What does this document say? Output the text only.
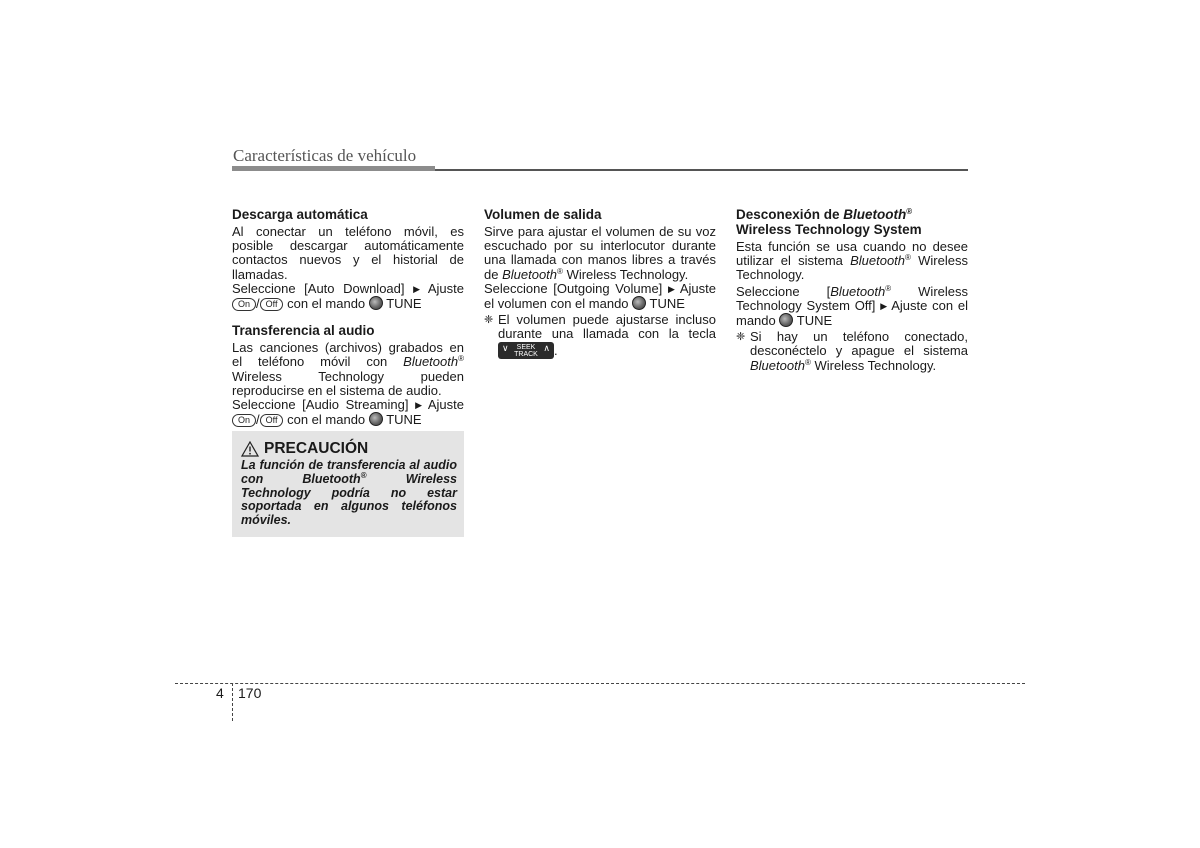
Características de vehículo
Descarga automática

Al conectar un teléfono móvil, es posible descargar automáticamente contactos nuevos y el historial de llamadas.

Seleccione [Auto Download] ▶ Ajuste

On / Off con el mando TUNE

Transferencia al audio

Las canciones (archivos) grabados en el teléfono móvil con Bluetooth® Wireless Technology pueden reproducirse en el sistema de audio.

Seleccione [Audio Streaming] ▶ Ajuste

On / Off con el mando TUNE

PRECAUCIÓN
La función de transferencia al audio con	Bluetooth®	Wireless Technology podría no estar soportada en algunos teléfonos móviles.
Volumen de salida

Sirve para ajustar el volumen de su voz escuchado por su interlocutor durante una llamada con manos libres a través de Bluetooth® Wireless Technology.

Seleccione [Outgoing Volume] ▶ Ajuste

el volumen con el mando TUNE

❈ El volumen puede ajustarse incluso durante una llamada con la tecla
∨	SEEK
TRACK
∧ .
Desconexión de Bluetooth®
Wireless Technology System

Esta función se usa cuando no desee utilizar el sistema Bluetooth® Wireless Technology.

Seleccione [Bluetooth® Wireless Technology System Off] ▶ Ajuste con el mando TUNE

❈ Si hay un teléfono conectado, desconéctelo y apague el sistema Bluetooth® Wireless Technology.
4 170
